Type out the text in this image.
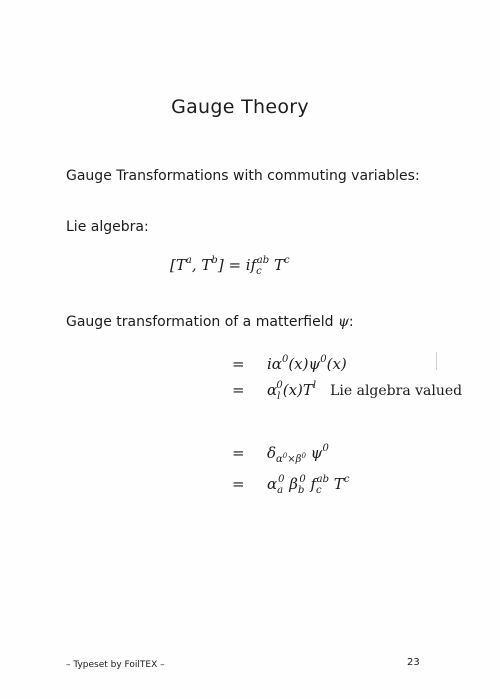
Gauge Theory
Gauge Transformations with commuting variables:
Lie algebra:
[$T^a$, $T^b] = if_c^{ab}$ $T^c$
Gauge transformation of a matterfield ψ:
= $i\alpha^0(x)\psi^0(x)$
= $\alpha_l^0(x)T^l$ Lie algebra valued
= $\delta_{\alpha^0\times\beta^0}$ $\psi^0$
= $\alpha_a^0$ $\beta_b^0$ $f_c^{ab}$ $T^c$
– Typeset by FoilTEX –	23
